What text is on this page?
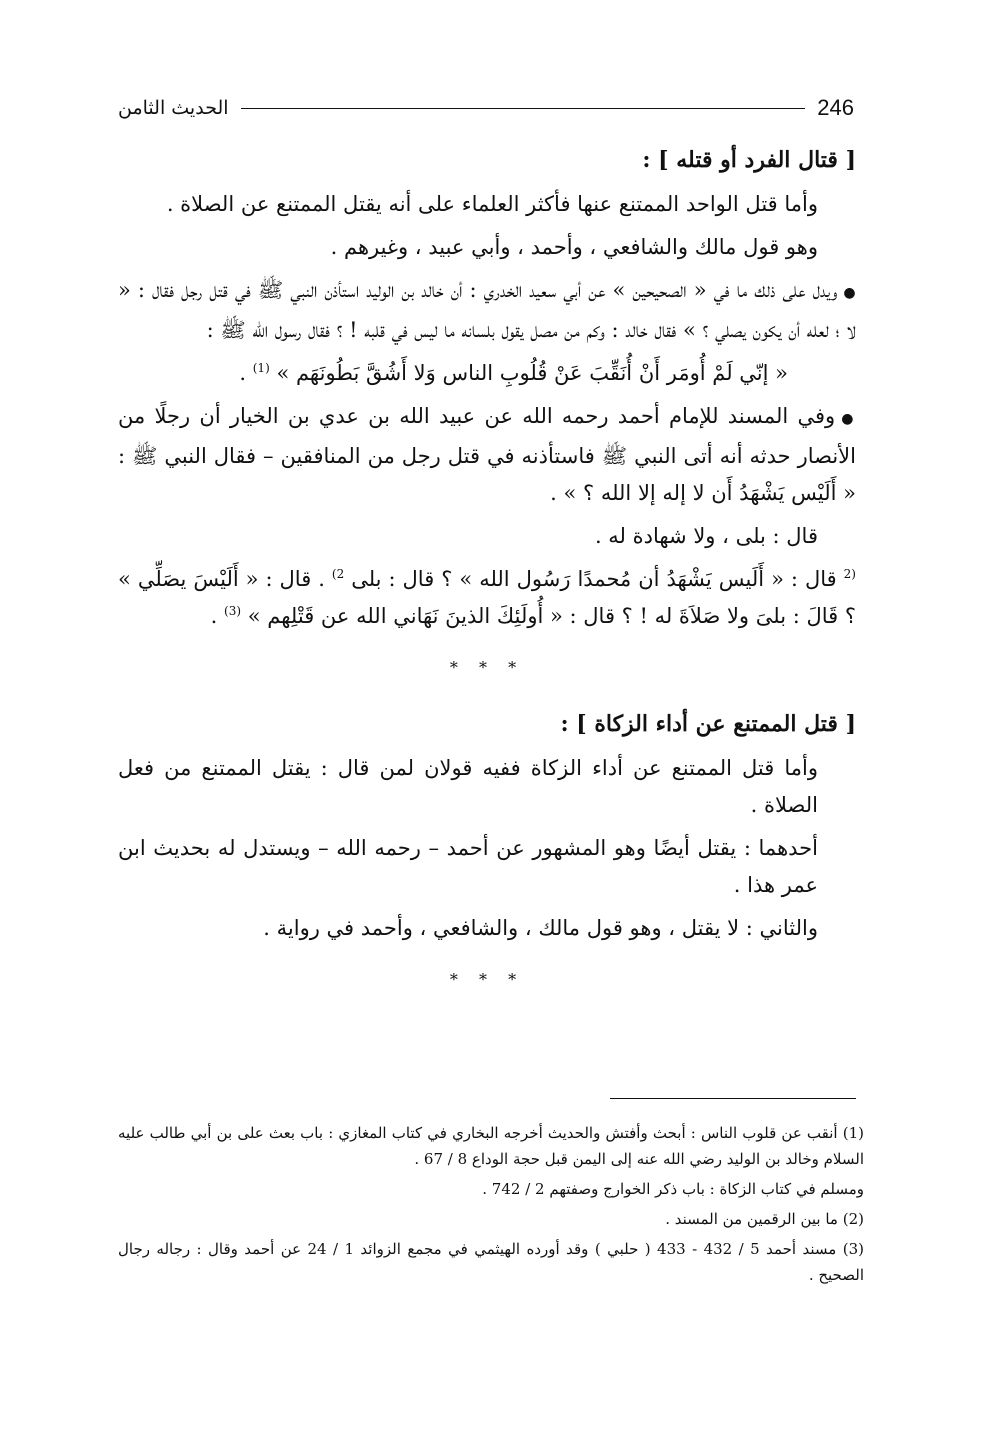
الحديث الثامن	246

[ قتال الفرد أو قتله ] :

وأما قتل الواحد الممتنع عنها فأكثر العلماء على أنه يقتل الممتنع عن الصلاة .

وهو قول مالك والشافعي ، وأحمد ، وأبي عبيد ، وغيرهم .

●ويدل على ذلك ما في « الصحيحين » عن أبي سعيد الخدري : أن خالد بن الوليد استأذن النبي ﷺ في قتل رجل فقال : « لا ؛ لعله أن يكون يصلي ؟ » فقال خالد : وكم من مصل يقول بلسانه ما ليس في قلبه ! ؟ فقال رسول الله ﷺ :

« إنّي لَمْ أُومَر أَنْ أُنَقِّبَ عَنْ قُلُوبِ الناس وَلا أَشُقَّ بَطُونَهَم » $^{(1)}$ .

●وفي المسند للإمام أحمد رحمه الله عن عبيد الله بن عدي بن الخيار أن رجلًا من الأنصار حدثه أنه أتى النبي ﷺ فاستأذنه في قتل رجل من المنافقين – فقال النبي ﷺ : « أَلَيْس يَشْهَدُ أَن لا إله إلا الله ؟ » .

قال : بلى ، ولا شهادة له .

$^{(2}$ قال : « أَلَيس يَشْهَدُ أن مُحمدًا رَسُول الله » ؟ قال : بلى $^{2)}$ . قال : « أَلَيْسَ يصَلِّي » ؟ قَالَ : بلىَ ولا صَلاَةَ له ! ؟ قال : « أُولَئِكَ الذينَ نَهَاني الله عن قَتْلِهم » $^{(3)}$ .

* * *

[ قتل الممتنع عن أداء الزكاة ] :

وأما قتل الممتنع عن أداء الزكاة ففيه قولان لمن قال : يقتل الممتنع من فعل الصلاة .

أحدهما : يقتل أيضًا وهو المشهور عن أحمد – رحمه الله – ويستدل له بحديث ابن عمر هذا .

والثاني : لا يقتل ، وهو قول مالك ، والشافعي ، وأحمد في رواية .

* * *

(1) أنقب عن قلوب الناس : أبحث وأفتش والحديث أخرجه البخاري في كتاب المغازي : باب بعث على بن أبي طالب عليه السلام وخالد بن الوليد رضي الله عنه إلى اليمن قبل حجة الوداع 8 / 67 .

ومسلم في كتاب الزكاة : باب ذكر الخوارج وصفتهم 2 / 742 .

(2) ما بين الرقمين من المسند .

(3) مسند أحمد 5 / 432 - 433 ( حلبي ) وقد أورده الهيثمي في مجمع الزوائد 1 / 24 عن أحمد وقال : رجاله رجال الصحيح .
